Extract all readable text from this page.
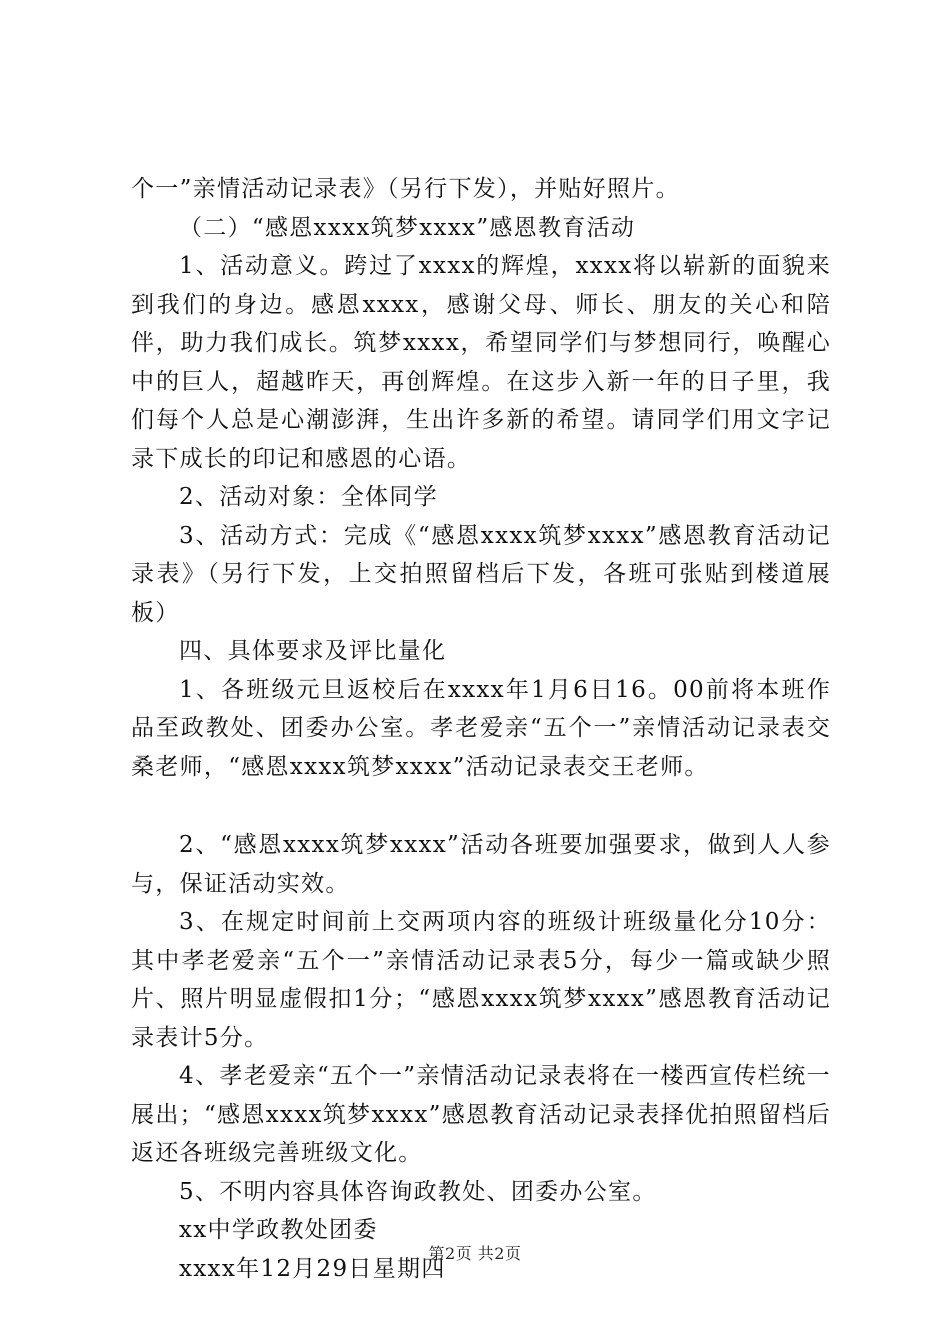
个一”亲情活动记录表》（另行下发），并贴好照片。

（二）“感恩xxxx筑梦xxxx”感恩教育活动

1、活动意义。跨过了xxxx的辉煌，xxxx将以崭新的面貌来到我们的身边。感恩xxxx，感谢父母、师长、朋友的关心和陪伴，助力我们成长。筑梦xxxx，希望同学们与梦想同行，唤醒心中的巨人，超越昨天，再创辉煌。在这步入新一年的日子里，我们每个人总是心潮澎湃，生出许多新的希望。请同学们用文字记录下成长的印记和感恩的心语。

2、活动对象：全体同学

3、活动方式：完成《“感恩xxxx筑梦xxxx”感恩教育活动记录表》（另行下发，上交拍照留档后下发，各班可张贴到楼道展板）

四、具体要求及评比量化

1、各班级元旦返校后在xxxx年1月6日16。00前将本班作品至政教处、团委办公室。孝老爱亲“五个一”亲情活动记录表交桑老师，“感恩xxxx筑梦xxxx”活动记录表交王老师。

2、“感恩xxxx筑梦xxxx”活动各班要加强要求，做到人人参与，保证活动实效。

3、在规定时间前上交两项内容的班级计班级量化分10分：其中孝老爱亲“五个一”亲情活动记录表5分，每少一篇或缺少照片、照片明显虚假扣1分；“感恩xxxx筑梦xxxx”感恩教育活动记录表计5分。

4、孝老爱亲“五个一”亲情活动记录表将在一楼西宣传栏统一展出；“感恩xxxx筑梦xxxx”感恩教育活动记录表择优拍照留档后返还各班级完善班级文化。

5、不明内容具体咨询政教处、团委办公室。

xx中学政教处团委

xxxx年12月29日星期四

第2页 共2页
